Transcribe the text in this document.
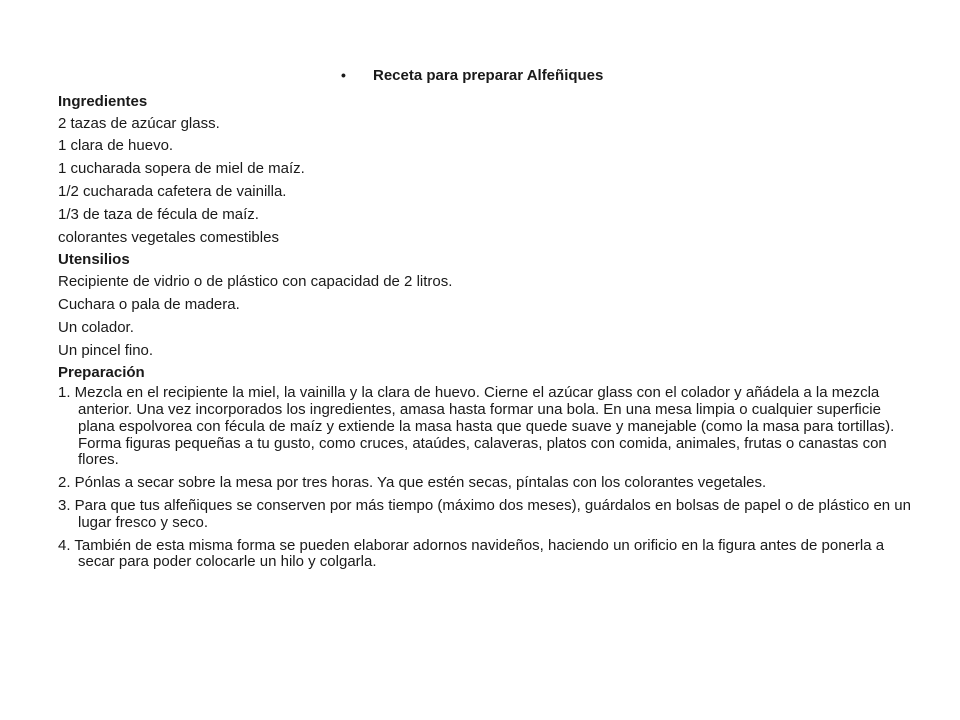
•	Receta para preparar Alfeñiques
Ingredientes
2 tazas de azúcar glass.
1 clara de huevo.
1 cucharada sopera de miel de maíz.
1/2 cucharada cafetera de vainilla.
1/3 de taza de fécula de maíz.
colorantes vegetales comestibles
Utensilios
Recipiente de vidrio o de plástico con capacidad de 2 litros.
Cuchara o pala de madera.
Un colador.
Un pincel fino.
Preparación
1. Mezcla en el recipiente la miel, la vainilla y la clara de huevo. Cierne el azúcar glass con el colador y añádela a la mezcla anterior. Una vez incorporados los ingredientes, amasa hasta formar una bola. En una mesa limpia o cualquier superficie plana espolvorea con fécula de maíz y extiende la masa hasta que quede suave y manejable (como la masa para tortillas). Forma figuras pequeñas a tu gusto, como cruces, ataúdes, calaveras, platos con comida, animales, frutas o canastas con flores.
2. Pónlas a secar sobre la mesa por tres horas. Ya que estén secas, píntalas con los colorantes vegetales.
3. Para que tus alfeñiques se conserven por más tiempo (máximo dos meses), guárdalos en bolsas de papel o de plástico en un lugar fresco y seco.
4. También de esta misma forma se pueden elaborar adornos navideños, haciendo un orificio en la figura antes de ponerla a secar para poder colocarle un hilo y colgarla.
